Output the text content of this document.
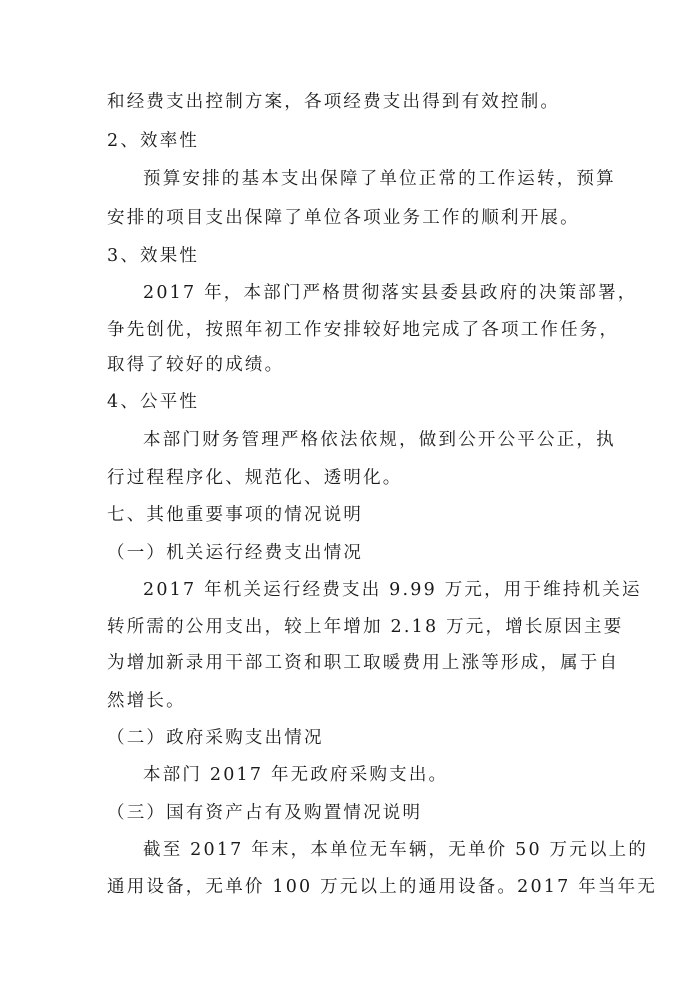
和经费支出控制方案，各项经费支出得到有效控制。
2、效率性
预算安排的基本支出保障了单位正常的工作运转，预算
安排的项目支出保障了单位各项业务工作的顺利开展。
3、效果性
2017 年，本部门严格贯彻落实县委县政府的决策部署，
争先创优，按照年初工作安排较好地完成了各项工作任务，
取得了较好的成绩。
4、公平性
本部门财务管理严格依法依规，做到公开公平公正，执
行过程程序化、规范化、透明化。
七、其他重要事项的情况说明
（一）机关运行经费支出情况
2017 年机关运行经费支出 9.99 万元，用于维持机关运
转所需的公用支出，较上年增加 2.18 万元，增长原因主要
为增加新录用干部工资和职工取暖费用上涨等形成，属于自
然增长。
（二）政府采购支出情况
本部门 2017 年无政府采购支出。
（三）国有资产占有及购置情况说明
截至 2017 年末，本单位无车辆，无单价 50 万元以上的
通用设备，无单价 100 万元以上的通用设备。2017 年当年无
